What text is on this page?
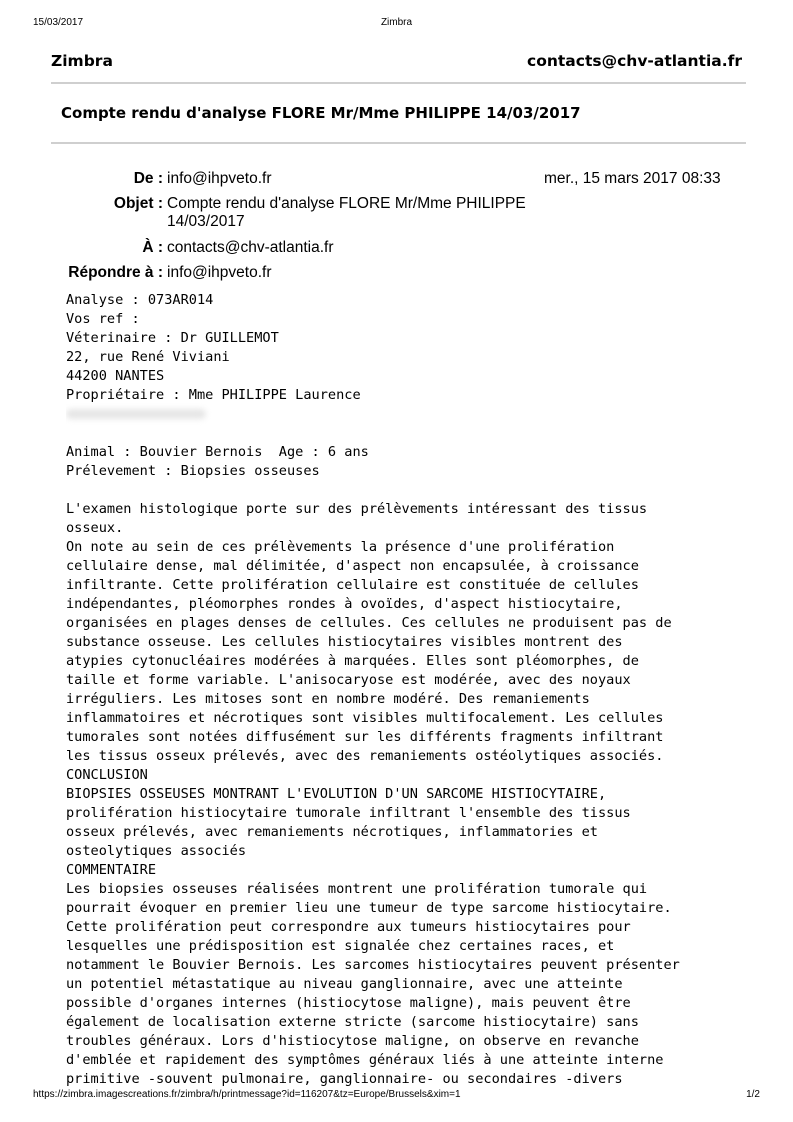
15/03/2017	Zimbra
Zimbra	contacts@chv-atlantia.fr
Compte rendu d'analyse FLORE Mr/Mme PHILIPPE 14/03/2017
De : info@ihpveto.fr	mer., 15 mars 2017 08:33
Objet : Compte rendu d'analyse FLORE Mr/Mme PHILIPPE 14/03/2017
À : contacts@chv-atlantia.fr
Répondre à : info@ihpveto.fr
Analyse : 073AR014
Vos ref :
Véterinaire : Dr GUILLEMOT
22, rue René Viviani
44200 NANTES
Propriétaire : Mme PHILIPPE Laurence

Animal : Bouvier Bernois  Age : 6 ans
Prélevement : Biopsies osseuses

L'examen histologique porte sur des prélèvements intéressant des tissus
osseux.
On note au sein de ces prélèvements la présence d'une prolifération
cellulaire dense, mal délimitée, d'aspect non encapsulée, à croissance
infiltrante. Cette prolifération cellulaire est constituée de cellules
indépendantes, pléomorphes rondes à ovoïdes, d'aspect histiocytaire,
organisées en plages denses de cellules. Ces cellules ne produisent pas de
substance osseuse. Les cellules histiocytaires visibles montrent des
atypies cytonucléaires modérées à marquées. Elles sont pléomorphes, de
taille et forme variable. L'anisocaryose est modérée, avec des noyaux
irréguliers. Les mitoses sont en nombre modéré. Des remaniements
inflammatoires et nécrotiques sont visibles multifocalement. Les cellules
tumorales sont notées diffusément sur les différents fragments infiltrant
les tissus osseux prélevés, avec des remaniements ostéolytiques associés.
CONCLUSION
BIOPSIES OSSEUSES MONTRANT L'EVOLUTION D'UN SARCOME HISTIOCYTAIRE,
prolifération histiocytaire tumorale infiltrant l'ensemble des tissus
osseux prélevés, avec remaniements nécrotiques, inflammatories et
osteolytiques associés
COMMENTAIRE
Les biopsies osseuses réalisées montrent une prolifération tumorale qui
pourrait évoquer en premier lieu une tumeur de type sarcome histiocytaire.
Cette prolifération peut correspondre aux tumeurs histiocytaires pour
lesquelles une prédisposition est signalée chez certaines races, et
notamment le Bouvier Bernois. Les sarcomes histiocytaires peuvent présenter
un potentiel métastatique au niveau ganglionnaire, avec une atteinte
possible d'organes internes (histiocytose maligne), mais peuvent être
également de localisation externe stricte (sarcome histiocytaire) sans
troubles généraux. Lors d'histiocytose maligne, on observe en revanche
d'emblée et rapidement des symptômes généraux liés à une atteinte interne
primitive -souvent pulmonaire, ganglionnaire- ou secondaires -divers
https://zimbra.imagescreations.fr/zimbra/h/printmessage?id=116207&tz=Europe/Brussels&xim=1	1/2
